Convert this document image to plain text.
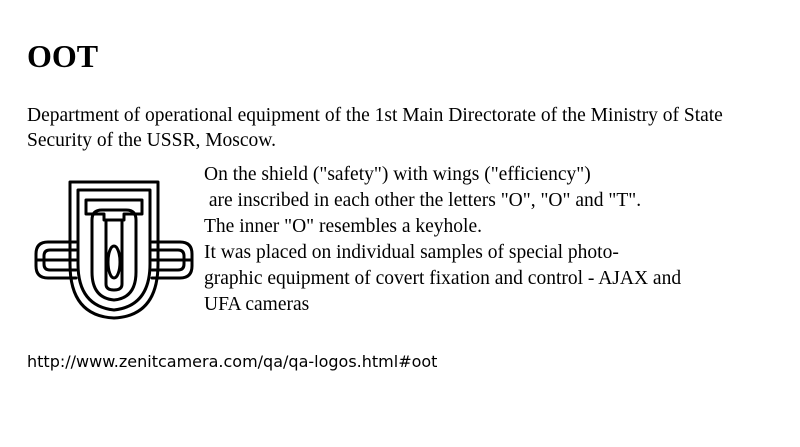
OOT

Department of operational equipment of the 1st Main Directorate of the Ministry of State Security of the USSR, Moscow.

On the shield ("safety") with wings ("efficiency")
are inscribed in each other the letters "O", "O" and "T".
The inner "O" resembles a keyhole.
It was placed on individual samples of special photo-
graphic equipment of covert fixation and control - AJAX and
UFA cameras

http://www.zenitcamera.com/qa/qa-logos.html#oot
